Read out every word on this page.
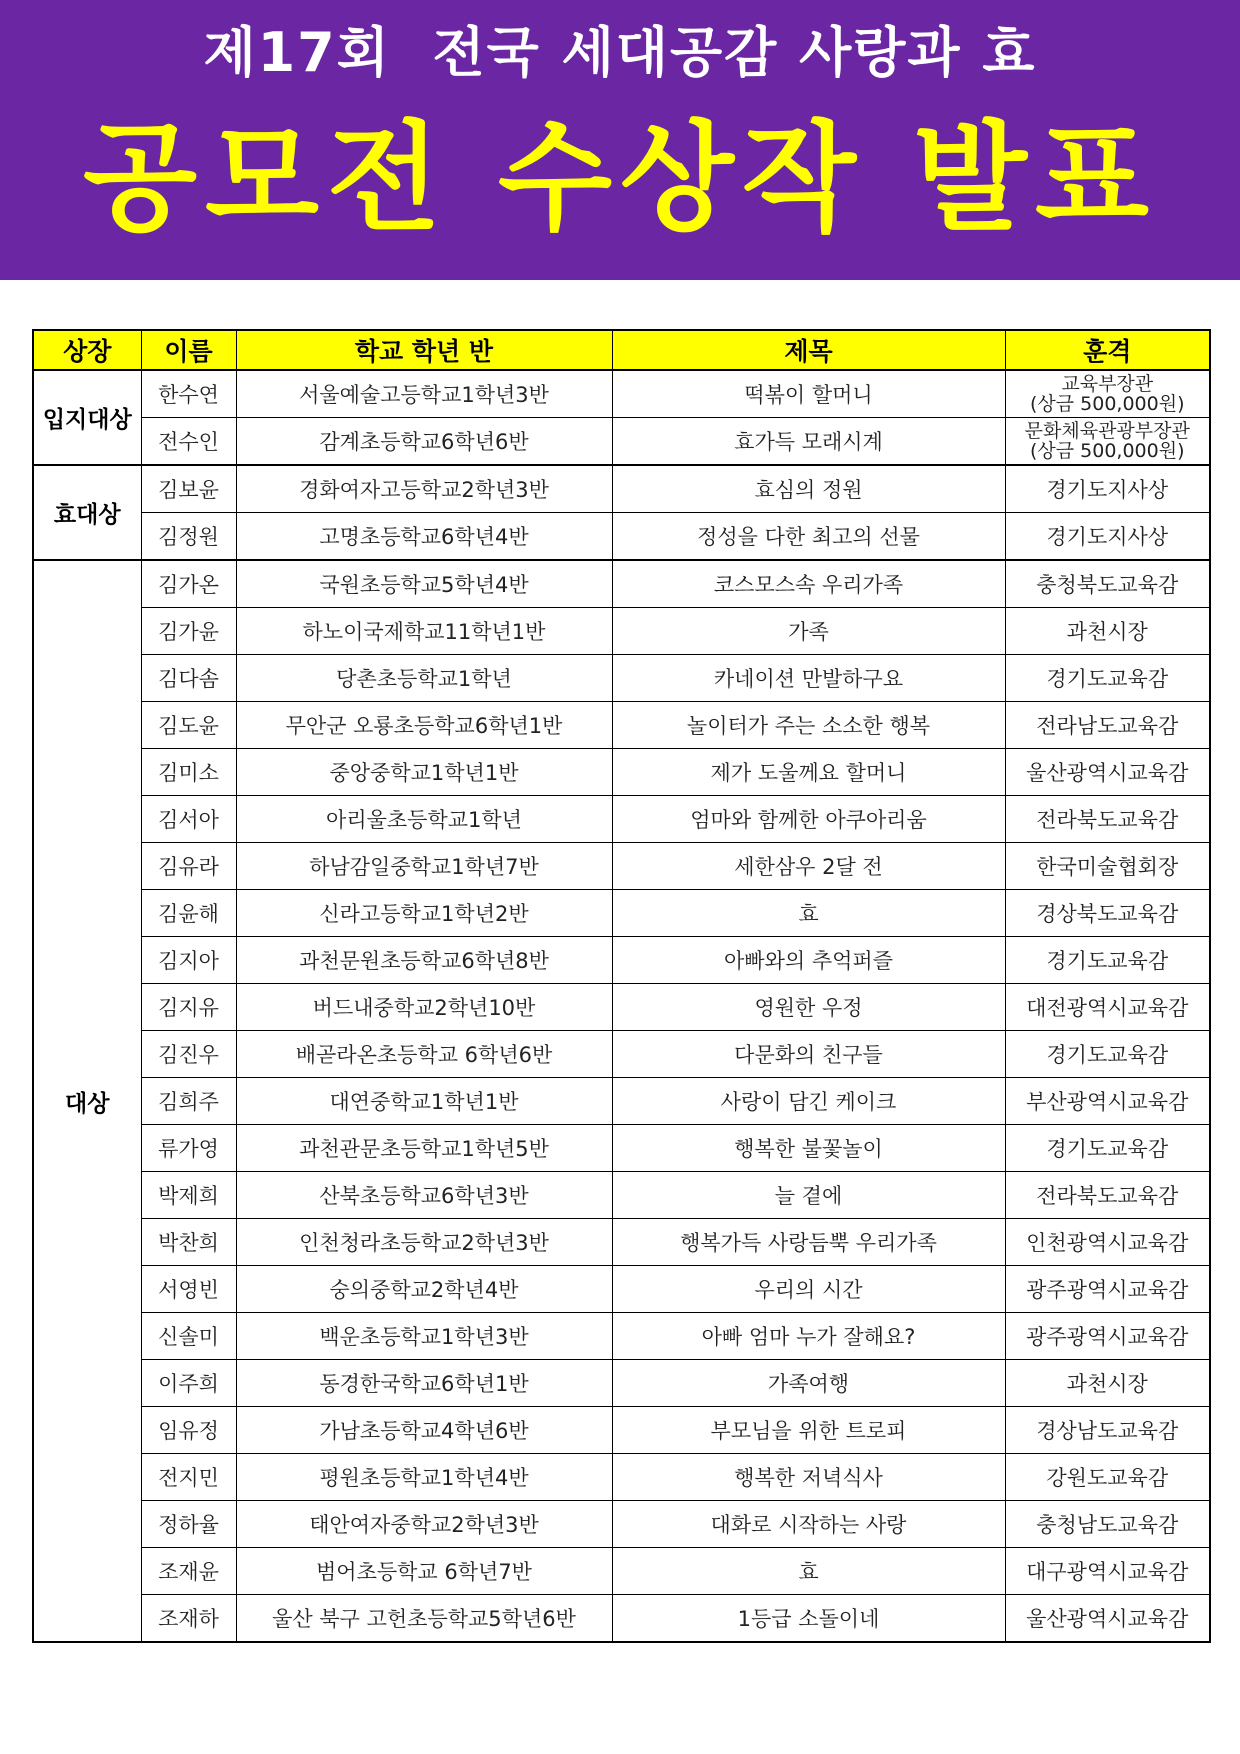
제17회  전국 세대공감 사랑과 효
공모전 수상작 발표
상장	이름	학교 학년 반	제목	훈격
입지대상	한수연	서울예술고등학교1학년3반	떡볶이 할머니	교육부장관
(상금 500,000원)

	전수인	감계초등학교6학년6반	효가득 모래시계	문화체육관광부장관
(상금 500,000원)

효대상	김보윤	경화여자고등학교2학년3반	효심의 정원	경기도지사상
	김정원	고명초등학교6학년4반	정성을 다한 최고의 선물	경기도지사상
대상	김가온	국원초등학교5학년4반	코스모스속 우리가족	충청북도교육감
	김가윤	하노이국제학교11학년1반	가족	과천시장
	김다솜	당촌초등학교1학년	카네이션 만발하구요	경기도교육감
	김도윤	무안군 오룡초등학교6학년1반	놀이터가 주는 소소한 행복	전라남도교육감
	김미소	중앙중학교1학년1반	제가 도울께요 할머니	울산광역시교육감
	김서아	아리울초등학교1학년	엄마와 함께한 아쿠아리움	전라북도교육감
	김유라	하남감일중학교1학년7반	세한삼우 2달 전	한국미술협회장
	김윤해	신라고등학교1학년2반	효	경상북도교육감
	김지아	과천문원초등학교6학년8반	아빠와의 추억퍼즐	경기도교육감
	김지유	버드내중학교2학년10반	영원한 우정	대전광역시교육감
	김진우	배곧라온초등학교 6학년6반	다문화의 친구들	경기도교육감
	김희주	대연중학교1학년1반	사랑이 담긴 케이크	부산광역시교육감
	류가영	과천관문초등학교1학년5반	행복한 불꽃놀이	경기도교육감
	박제희	산북초등학교6학년3반	늘 곁에	전라북도교육감
	박찬희	인천청라초등학교2학년3반	행복가득 사랑듬뿍 우리가족	인천광역시교육감
	서영빈	숭의중학교2학년4반	우리의 시간	광주광역시교육감
	신솔미	백운초등학교1학년3반	아빠 엄마 누가 잘해요?	광주광역시교육감
	이주희	동경한국학교6학년1반	가족여행	과천시장
	임유정	가남초등학교4학년6반	부모님을 위한 트로피	경상남도교육감
	전지민	평원초등학교1학년4반	행복한 저녁식사	강원도교육감
	정하율	태안여자중학교2학년3반	대화로 시작하는 사랑	충청남도교육감
	조재윤	범어초등학교 6학년7반	효	대구광역시교육감
	조재하	울산 북구 고헌초등학교5학년6반	1등급 소돌이네	울산광역시교육감
